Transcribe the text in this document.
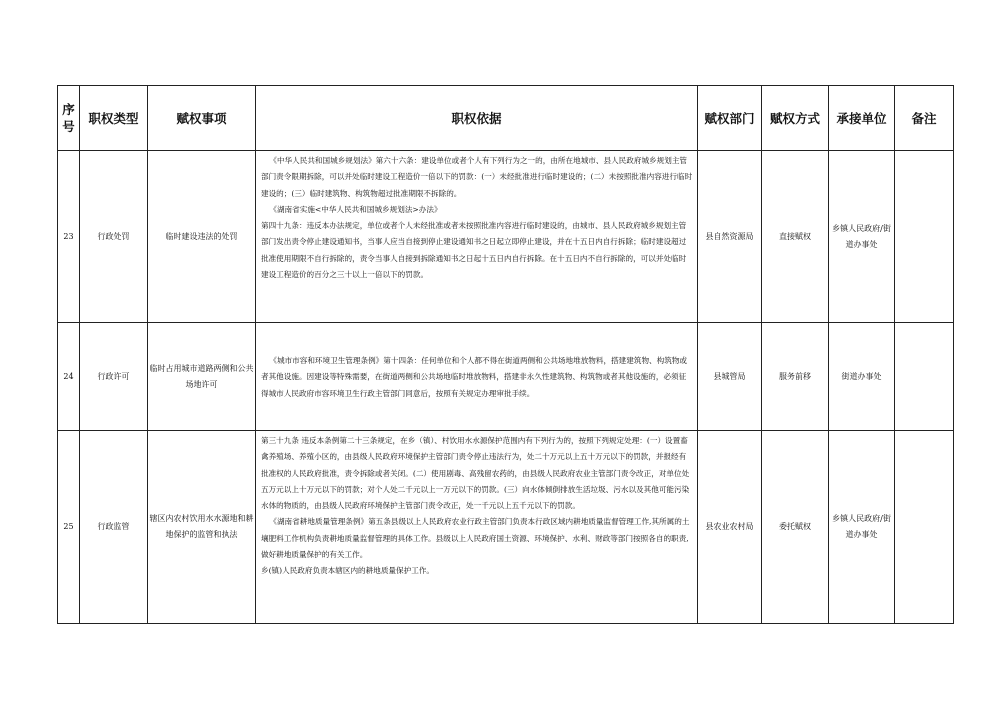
序
号	职权类型	赋权事项	职权依据	赋权部门	赋权方式	承接单位	备注
23	行政处罚	临时建设违法的处罚	《中华人民共和国城乡规划法》第六十六条：建设单位或者个人有下列行为之一的，由所在地城市、县人民政府城乡规划主管部门责令限期拆除，可以并处临时建设工程造价一倍以下的罚款：(一）未经批准进行临时建设的；(二）未按照批准内容进行临时建设的；(三）临时建筑物、构筑物超过批准期限不拆除的。

《湖南省实施<中华人民共和国城乡规划法>办法》

第四十九条：违反本办法规定，单位或者个人未经批准或者未按照批准内容进行临时建设的，由城市、县人民政府城乡规划主管部门发出责令停止建设通知书，当事人应当自接到停止建设通知书之日起立即停止建设，并在十五日内自行拆除；临时建设超过批准使用期限不自行拆除的，责令当事人自接到拆除通知书之日起十五日内自行拆除。在十五日内不自行拆除的，可以并处临时建设工程造价的百分之三十以上一倍以下的罚款。	县自然资源局	直接赋权	乡镇人民政府/街道办事处	
24	行政许可	临时占用城市道路两侧和公共场地许可	《城市市容和环境卫生管理条例》第十四条：任何单位和个人都不得在街道两侧和公共场地堆放物料，搭建建筑物、构筑物或者其他设施。因建设等特殊需要，在街道两侧和公共场地临时堆放物料，搭建非永久性建筑物、构筑物或者其他设施的，必须征得城市人民政府市容环境卫生行政主管部门同意后，按照有关规定办理审批手续。	县城管局	服务前移	街道办事处	
25	行政监管	辖区内农村饮用水水源地和耕地保护的监管和执法	第三十九条 违反本条例第二十三条规定，在乡（镇）、村饮用水水源保护范围内有下列行为的，按照下列规定处理：(一）设置畜禽养殖场、养殖小区的，由县级人民政府环境保护主管部门责令停止违法行为，处二十万元以上五十万元以下的罚款，并报经有批准权的人民政府批准，责令拆除或者关闭。(二）使用剧毒、高残留农药的，由县级人民政府农业主管部门责令改正，对单位处五万元以上十万元以下的罚款；对个人处二千元以上一万元以下的罚款。(三）向水体倾倒排放生活垃圾、污水以及其他可能污染水体的物质的，由县级人民政府环境保护主管部门责令改正，处一千元以上五千元以下的罚款。

《湖南省耕地质量管理条例》第五条县级以上人民政府农业行政主管部门负责本行政区域内耕地质量监督管理工作,其所属的土壤肥料工作机构负责耕地质量监督管理的具体工作。县级以上人民政府国土资源、环境保护、水利、财政等部门按照各自的职责,做好耕地质量保护的有关工作。

乡(镇)人民政府负责本辖区内的耕地质量保护工作。	县农业农村局	委托赋权	乡镇人民政府/街道办事处	
